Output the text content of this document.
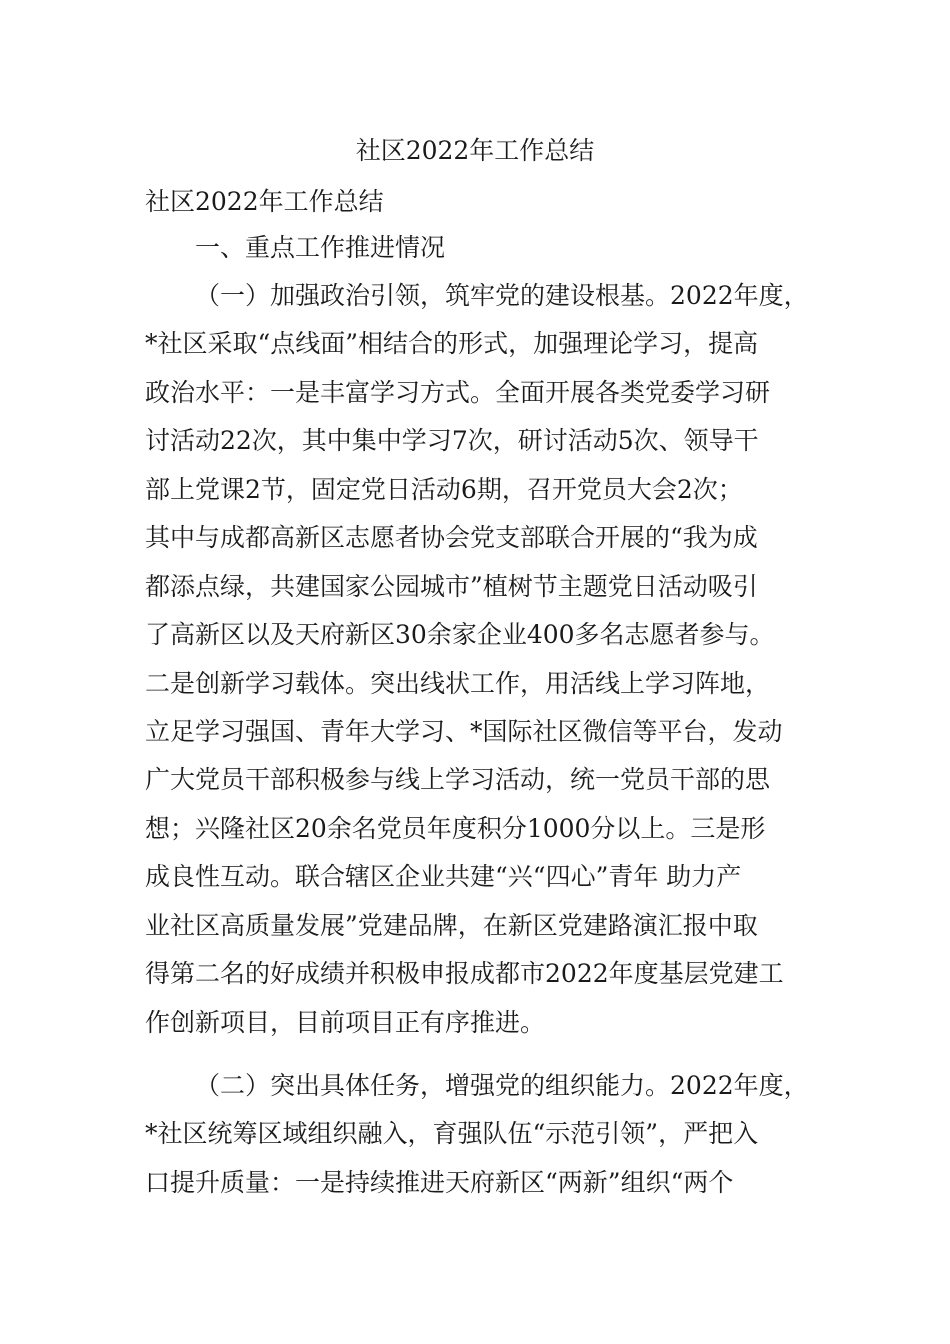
社区2022年工作总结
社区2022年工作总结
一、重点工作推进情况
（一）加强政治引领，筑牢党的建设根基。2022年度，
*社区采取“点线面”相结合的形式，加强理论学习，提高
政治水平：一是丰富学习方式。全面开展各类党委学习研
讨活动22次，其中集中学习7次，研讨活动5次、领导干
部上党课2节，固定党日活动6期，召开党员大会2次；
其中与成都高新区志愿者协会党支部联合开展的“我为成
都添点绿，共建国家公园城市”植树节主题党日活动吸引
了高新区以及天府新区30余家企业400多名志愿者参与。
二是创新学习载体。突出线状工作，用活线上学习阵地，
立足学习强国、青年大学习、*国际社区微信等平台，发动
广大党员干部积极参与线上学习活动，统一党员干部的思
想；兴隆社区20余名党员年度积分1000分以上。三是形
成良性互动。联合辖区企业共建“兴“四心”青年 助力产
业社区高质量发展”党建品牌，在新区党建路演汇报中取
得第二名的好成绩并积极申报成都市2022年度基层党建工
作创新项目，目前项目正有序推进。
（二）突出具体任务，增强党的组织能力。2022年度，
*社区统筹区域组织融入，育强队伍“示范引领”，严把入
口提升质量：一是持续推进天府新区“两新”组织“两个
